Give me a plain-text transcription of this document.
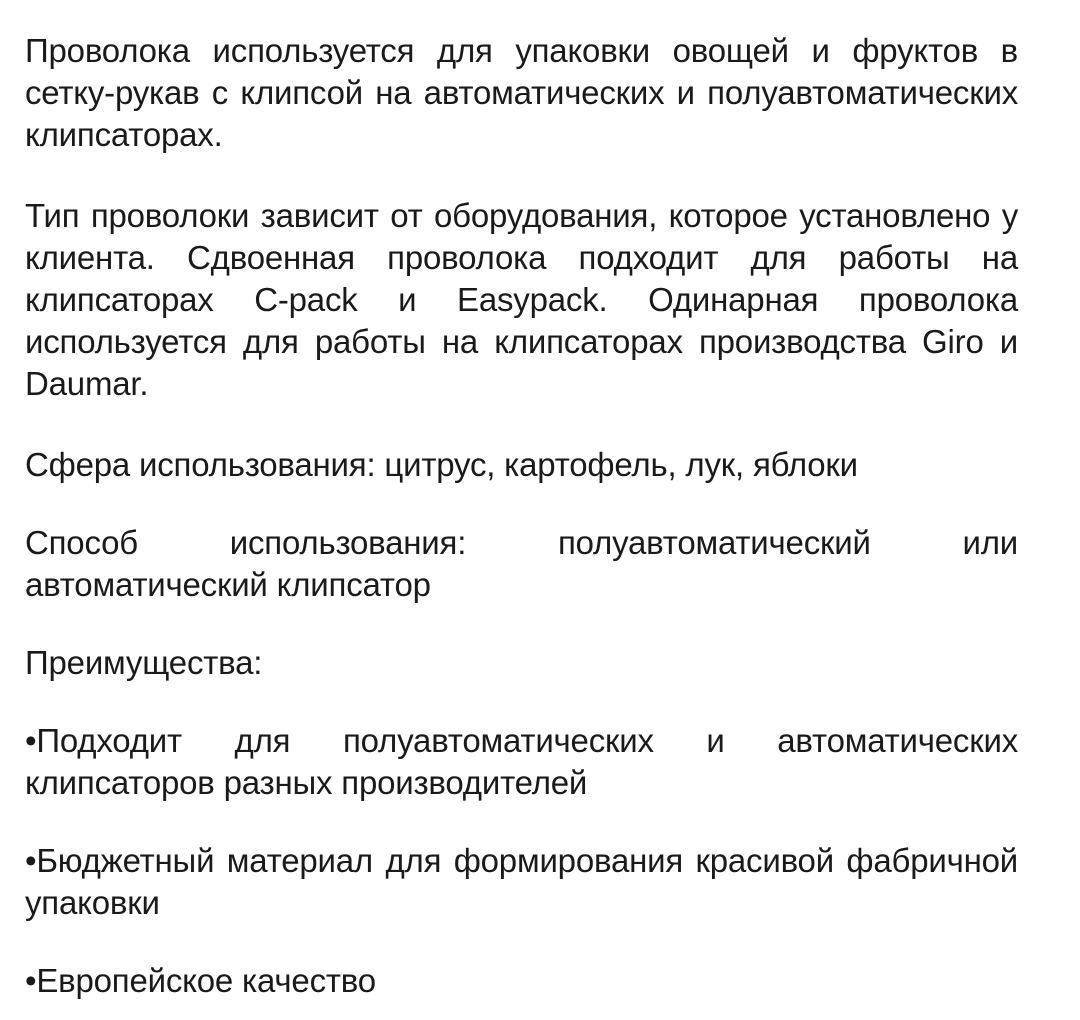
Проволока используется для упаковки овощей и фруктов в сетку-рукав с клипсой на автоматических и полуавтоматических клипсаторах.

Тип проволоки зависит от оборудования, которое установлено у клиента. Сдвоенная проволока подходит для работы на клипсаторах C-pack и Easypack. Одинарная проволока используется для работы на клипсаторах производства Giro и Daumar.

Сфера использования: цитрус, картофель, лук, яблоки

Способ использования: полуавтоматический или автоматический клипсатор

Преимущества:

•Подходит для полуавтоматических и автоматических клипсаторов разных производителей

•Бюджетный материал для формирования красивой фабричной упаковки

•Европейское качество
